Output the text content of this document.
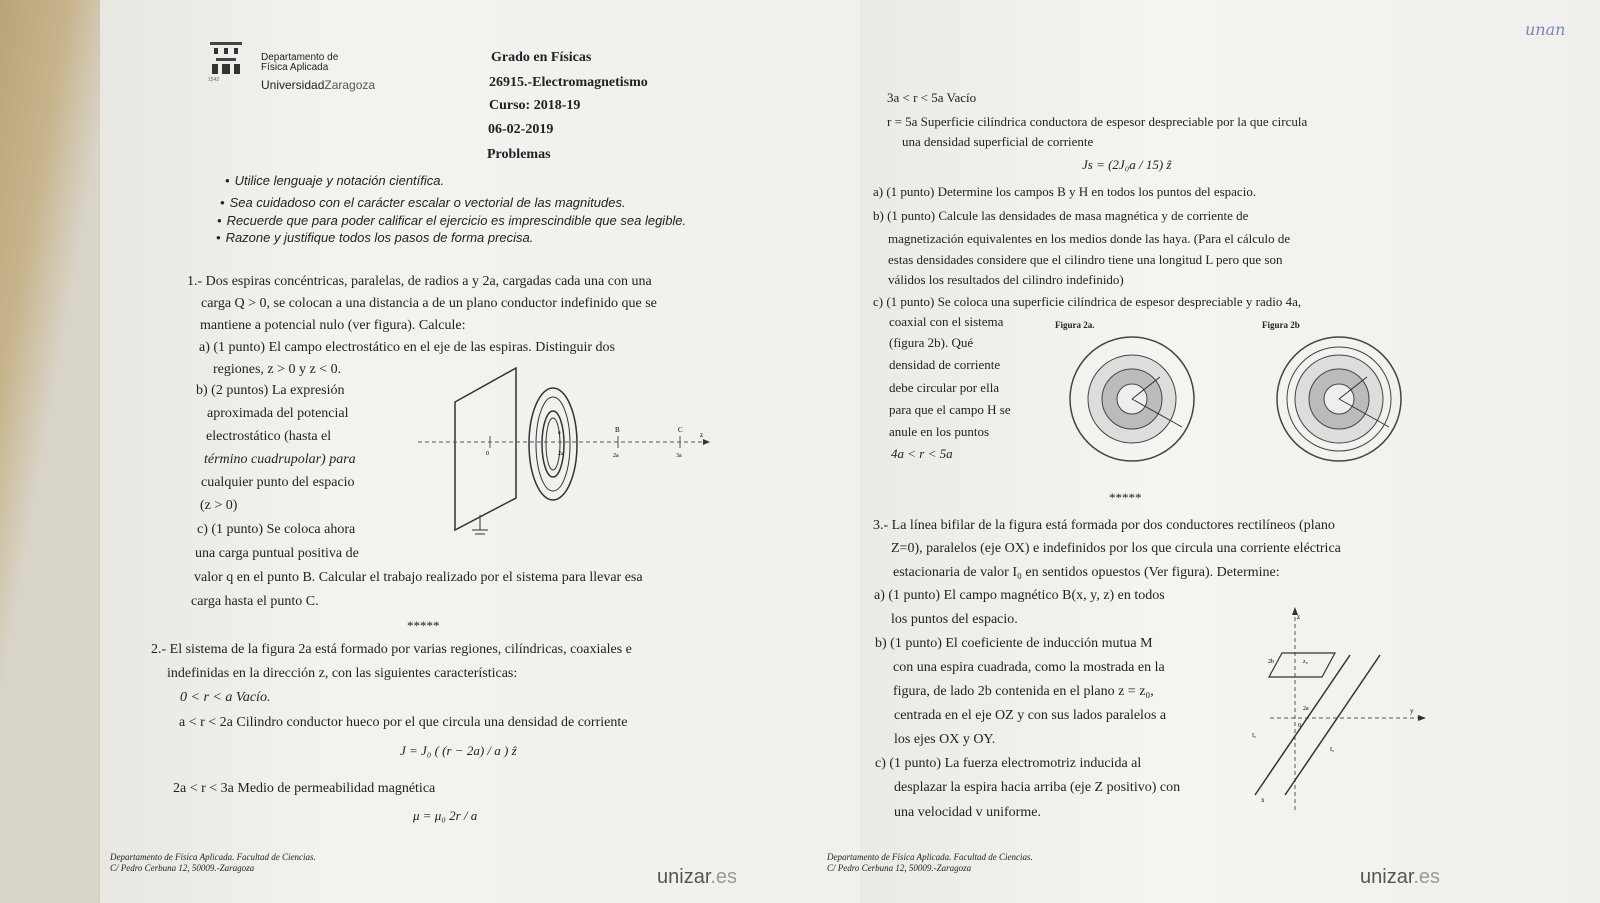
1542
Departamento de
Física Aplicada
UniversidadZaragoza
Grado en Físicas
26915.-Electromagnetismo
Curso: 2018-19
06-02-2019
Problemas
• Utilice lenguaje y notación científica.
• Sea cuidadoso con el carácter escalar o vectorial de las magnitudes.
• Recuerde que para poder calificar el ejercicio es imprescindible que sea legible.
• Razone y justifique todos los pasos de forma precisa.
1.- Dos espiras concéntricas, paralelas, de radios a y 2a, cargadas cada una con una
carga Q > 0, se colocan a una distancia a de un plano conductor indefinido que se
mantiene a potencial nulo (ver figura). Calcule:
a) (1 punto) El campo electrostático en el eje de las espiras. Distinguir dos
regiones, z > 0 y z < 0.
b) (2 puntos) La expresión
aproximada del potencial
electrostático (hasta el
término cuadrupolar) para
cualquier punto del espacio
(z > 0)
c) (1 punto) Se coloca ahora
una carga puntual positiva de
valor q en el punto B. Calcular el trabajo realizado por el sistema para llevar esa
carga hasta el punto C.
*****
0
a
2a
B	C
z
2a	3a
2.- El sistema de la figura 2a está formado por varias regiones, cilíndricas, coaxiales e
indefinidas en la dirección z, con las siguientes características:
0 < r < a Vacío.
a < r < 2a Cilindro conductor hueco por el que circula una densidad de corriente
J = J₀ ( (r − 2a) / a ) ẑ
2a < r < 3a Medio de permeabilidad magnética
μ = μ₀ 2r / a
Departamento de Física Aplicada. Facultad de Ciencias.
C/ Pedro Cerbuna 12, 50009.-Zaragoza	unizar.es
3a < r < 5a Vacío
r = 5a Superficie cilíndrica conductora de espesor despreciable por la que circula
una densidad superficial de corriente
Js = (2J₀a / 15) ẑ
a) (1 punto) Determine los campos B y H en todos los puntos del espacio.
b) (1 punto) Calcule las densidades de masa magnética y de corriente de
magnetización equivalentes en los medios donde las haya. (Para el cálculo de
estas densidades considere que el cilindro tiene una longitud L pero que son
válidos los resultados del cilindro indefinido)
c) (1 punto) Se coloca una superficie cilíndrica de espesor despreciable y radio 4a,
coaxial con el sistema
(figura 2b). Qué
densidad de corriente
debe circular por ella
para que el campo H se
anule en los puntos
4a < r < 5a
Figura 2a.	Figura 2b
*****
3.- La línea bifilar de la figura está formada por dos conductores rectilíneos (plano
Z=0), paralelos (eje OX) e indefinidos por los que circula una corriente eléctrica
estacionaria de valor I₀ en sentidos opuestos (Ver figura). Determine:
a) (1 punto) El campo magnético B(x, y, z) en todos
los puntos del espacio.
b) (1 punto) El coeficiente de inducción mutua M
con una espira cuadrada, como la mostrada en la
figura, de lado 2b contenida en el plano z = z₀,
centrada en el eje OZ y con sus lados paralelos a
los ejes OX y OY.
c) (1 punto) La fuerza electromotriz inducida al
desplazar la espira hacia arriba (eje Z positivo) con
una velocidad v uniforme.
z
y
x
2b	z₀
2a
0
I₀
I₀
Departamento de Física Aplicada. Facultad de Ciencias.
C/ Pedro Cerbuna 12, 50009.-Zaragoza	unizar.es
unan
